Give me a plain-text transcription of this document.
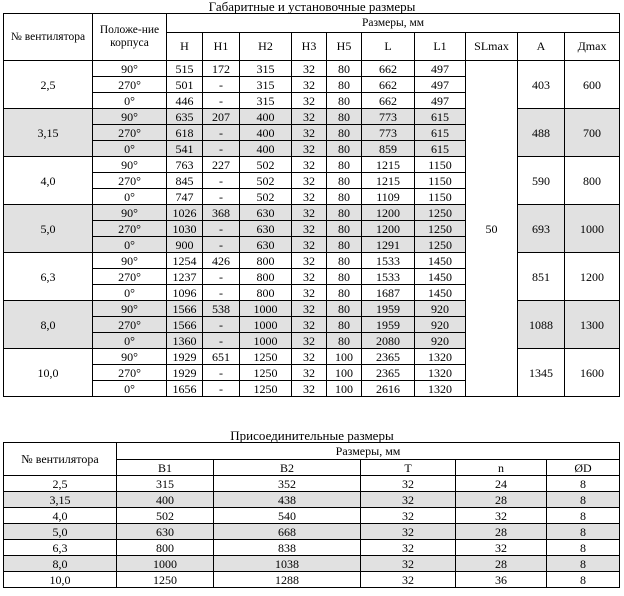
Габаритные и установочные размеры
№ вентилятора	Положе-ние корпуса	Размеры, мм									
		H	H1	H2	H3	H5	L	L1	SLmax	A	Дmax
2,5	90°	515	172	315	32	80	662	497	50	403	600
	270°	501	-	315	32	80	662	497			
	0°	446	-	315	32	80	662	497			
3,15	90°	635	207	400	32	80	773	615		488	700
	270°	618	-	400	32	80	773	615			
	0°	541	-	400	32	80	859	615			
4,0	90°	763	227	502	32	80	1215	1150		590	800
	270°	845	-	502	32	80	1215	1150			
	0°	747	-	502	32	80	1109	1150			
5,0	90°	1026	368	630	32	80	1200	1250		693	1000
	270°	1030	-	630	32	80	1200	1250			
	0°	900	-	630	32	80	1291	1250			
6,3	90°	1254	426	800	32	80	1533	1450		851	1200
	270°	1237	-	800	32	80	1533	1450			
	0°	1096	-	800	32	80	1687	1450			
8,0	90°	1566	538	1000	32	80	1959	920		1088	1300
	270°	1566	-	1000	32	80	1959	920			
	0°	1360	-	1000	32	80	2080	920			
10,0	90°	1929	651	1250	32	100	2365	1320		1345	1600
	270°	1929	-	1250	32	100	2365	1320			
	0°	1656	-	1250	32	100	2616	1320			
Присоединительные размеры
№ вентилятора	Размеры, мм				
	B1	B2	T	n	ØD
2,5	315	352	32	24	8
3,15	400	438	32	28	8
4,0	502	540	32	32	8
5,0	630	668	32	28	8
6,3	800	838	32	32	8
8,0	1000	1038	32	28	8
10,0	1250	1288	32	36	8
